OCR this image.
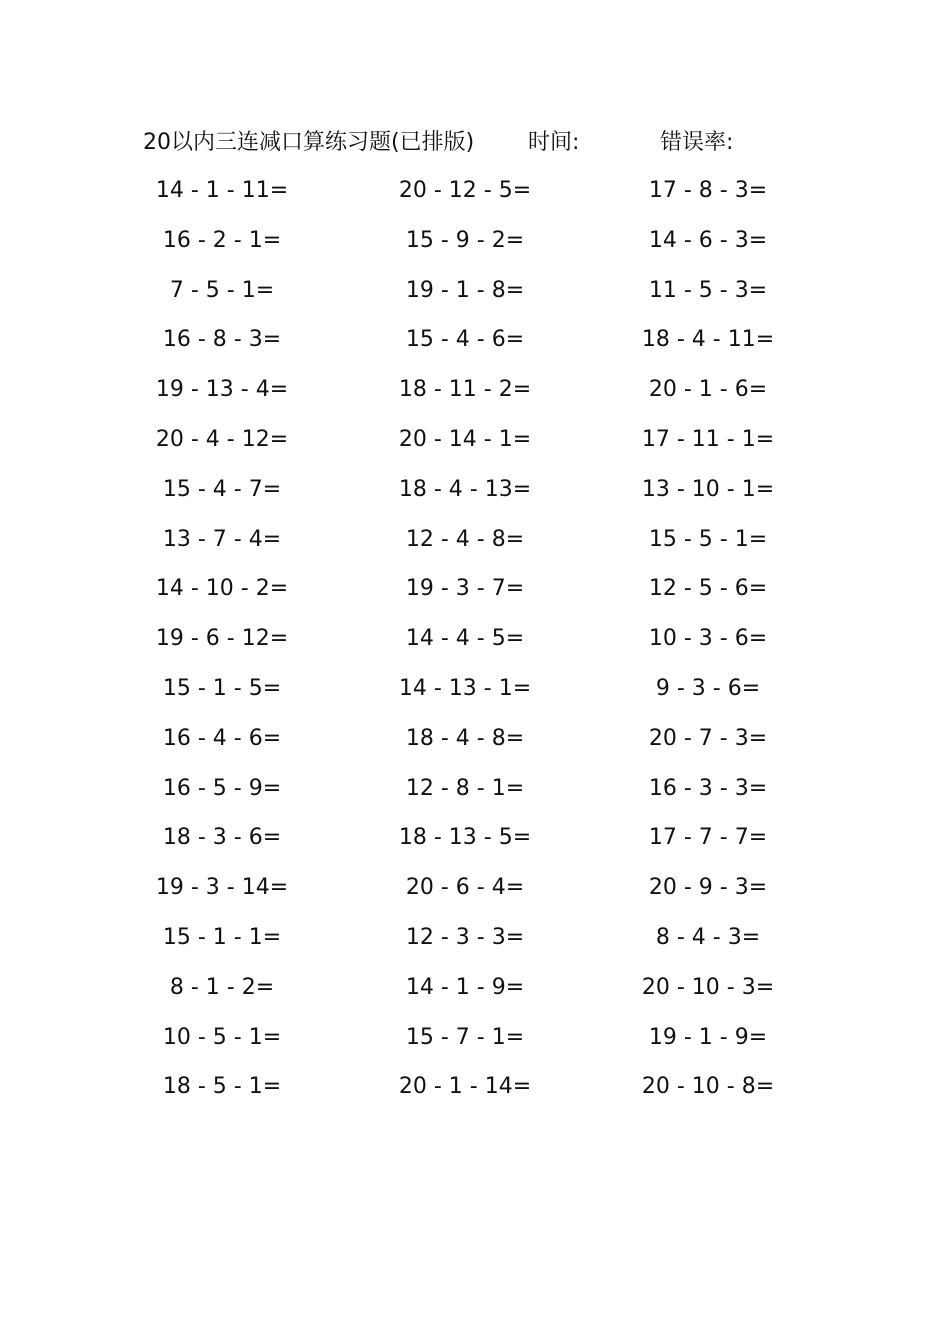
20以内三连减口算练习题(已排版) 时间:	错误率:
14 - 1 - 11=	20 - 12 - 5=	17 - 8 - 3=
16 - 2 - 1=	15 - 9 - 2=	14 - 6 - 3=
7 - 5 - 1=	19 - 1 - 8=	11 - 5 - 3=
16 - 8 - 3=	15 - 4 - 6=	18 - 4 - 11=
19 - 13 - 4=	18 - 11 - 2=	20 - 1 - 6=
20 - 4 - 12=	20 - 14 - 1=	17 - 11 - 1=
15 - 4 - 7=	18 - 4 - 13=	13 - 10 - 1=
13 - 7 - 4=	12 - 4 - 8=	15 - 5 - 1=
14 - 10 - 2=	19 - 3 - 7=	12 - 5 - 6=
19 - 6 - 12=	14 - 4 - 5=	10 - 3 - 6=
15 - 1 - 5=	14 - 13 - 1=	9 - 3 - 6=
16 - 4 - 6=	18 - 4 - 8=	20 - 7 - 3=
16 - 5 - 9=	12 - 8 - 1=	16 - 3 - 3=
18 - 3 - 6=	18 - 13 - 5=	17 - 7 - 7=
19 - 3 - 14=	20 - 6 - 4=	20 - 9 - 3=
15 - 1 - 1=	12 - 3 - 3=	8 - 4 - 3=
8 - 1 - 2=	14 - 1 - 9=	20 - 10 - 3=
10 - 5 - 1=	15 - 7 - 1=	19 - 1 - 9=
18 - 5 - 1=	20 - 1 - 14=	20 - 10 - 8=
